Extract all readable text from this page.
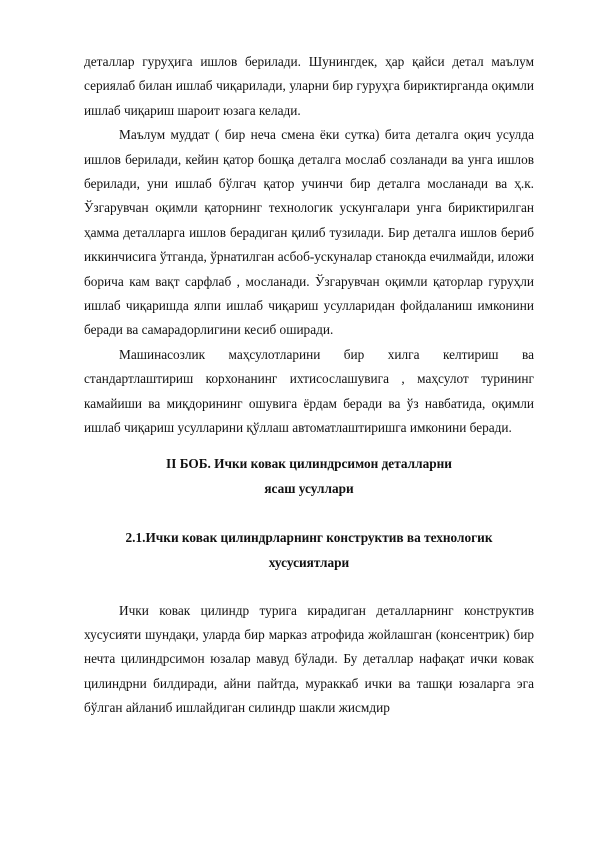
деталлар гуруҳига ишлов берилади. Шунингдек, ҳар қайси детал маълум сериялаб билан ишлаб чиқарилади, уларни бир гуруҳга бириктирганда оқимли ишлаб чиқариш шароит юзага келади.

Маълум муддат ( бир неча смена ёки сутка) бита деталга оқич усулда ишлов берилади, кейин қатор бошқа деталга мослаб созланади ва унга ишлов берилади, уни ишлаб бўлгач қатор учинчи бир деталга мосланади ва ҳ.к. Ўзгарувчан оқимли қаторнинг технологик ускунгалари унга бириктирилган ҳамма деталларга ишлов берадиган қилиб тузилади. Бир деталга ишлов бериб иккинчисига ўтганда, ўрнатилган асбоб-ускуналар станокда ечилмайди, иложи борича кам вақт сарфлаб , мосланади. Ўзгарувчан оқимли қаторлар гуруҳли ишлаб чиқаришда ялпи ишлаб чиқариш усулларидан фойдаланиш имконини беради ва самарадорлигини кесиб оширади.

Машинасозлик маҳсулотларини бир хилга келтириш ва стандартлаштириш корхонанинг ихтисослашувига , маҳсулот турининг камайиши ва миқдорининг ошувига ёрдам беради ва ўз навбатида, оқимли ишлаб чиқариш усулларини қўллаш автоматлаштиришга имконини беради.

II БОБ. Ички ковак цилиндрсимон деталларни

ясаш усуллари

2.1.Ички ковак цилиндрларнинг конструктив ва технологик

хусусиятлари

Ички ковак цилиндр турига кирадиган деталларнинг конструктив хусусияти шундақи, уларда бир марказ атрофида жойлашган (консентрик) бир нечта цилиндрсимон юзалар мавуд бўлади. Бу деталлар нафақат ички ковак цилиндрни билдиради, айни пайтда, мураккаб ички ва ташқи юзаларга эга бўлган айланиб ишлайдиган силиндр шакли жисмдир
